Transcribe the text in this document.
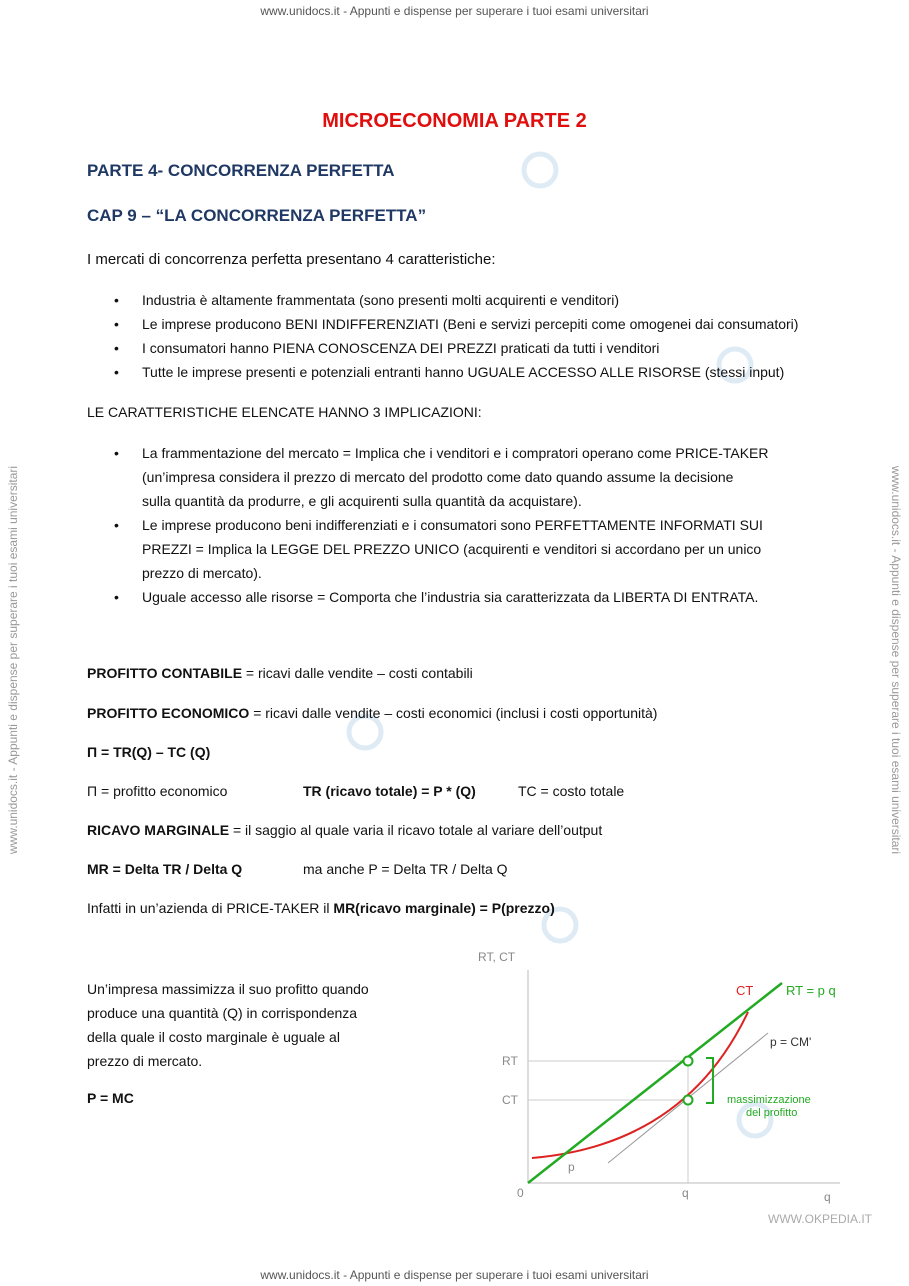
www.unidocs.it - Appunti e dispense per superare i tuoi esami universitari
www.unidocs.it - Appunti e dispense per superare i tuoi esami universitari
www.unidocs.it - Appunti e dispense per superare i tuoi esami universitari	www.unidocs.it - Appunti e dispense per superare i tuoi esami universitari
MICROECONOMIA PARTE 2
PARTE 4- CONCORRENZA PERFETTA
CAP 9 – “LA CONCORRENZA PERFETTA”
I mercati di concorrenza perfetta presentano 4 caratteristiche:
• Industria è altamente frammentata (sono presenti molti acquirenti e venditori)
• Le imprese producono BENI INDIFFERENZIATI (Beni e servizi percepiti come omogenei dai consumatori)
• I consumatori hanno PIENA CONOSCENZA DEI PREZZI praticati da tutti i venditori
• Tutte le imprese presenti e potenziali entranti hanno UGUALE ACCESSO ALLE RISORSE (stessi input)
LE CARATTERISTICHE ELENCATE HANNO 3 IMPLICAZIONI:
• La frammentazione del mercato = Implica che i venditori e i compratori operano come PRICE-TAKER
(un’impresa considera il prezzo di mercato del prodotto come dato quando assume la decisione
sulla quantità da produrre, e gli acquirenti sulla quantità da acquistare).
• Le imprese producono beni indifferenziati e i consumatori sono PERFETTAMENTE INFORMATI SUI
PREZZI = Implica la LEGGE DEL PREZZO UNICO (acquirenti e venditori si accordano per un unico
prezzo di mercato).
• Uguale accesso alle risorse = Comporta che l’industria sia caratterizzata da LIBERTA DI ENTRATA.
PROFITTO CONTABILE = ricavi dalle vendite – costi contabili
PROFITTO ECONOMICO = ricavi dalle vendite – costi economici (inclusi i costi opportunità)
Π = TR(Q) – TC (Q)
Π = profitto economico	TR (ricavo totale) = P * (Q)	TC = costo totale
RICAVO MARGINALE = il saggio al quale varia il ricavo totale al variare dell’output
MR = Delta TR / Delta Q	ma anche P = Delta TR / Delta Q
Infatti in un’azienda di PRICE-TAKER il MR(ricavo marginale) = P(prezzo)
Un’impresa massimizza il suo profitto quando
produce una quantità (Q) in corrispondenza
della quale il costo marginale è uguale al
prezzo di mercato.
P = MC
RT, CT
CT	RT = p q
p = CM'
massimizzazione
del profitto
RT
CT
0	q	q
p
WWW.OKPEDIA.IT
